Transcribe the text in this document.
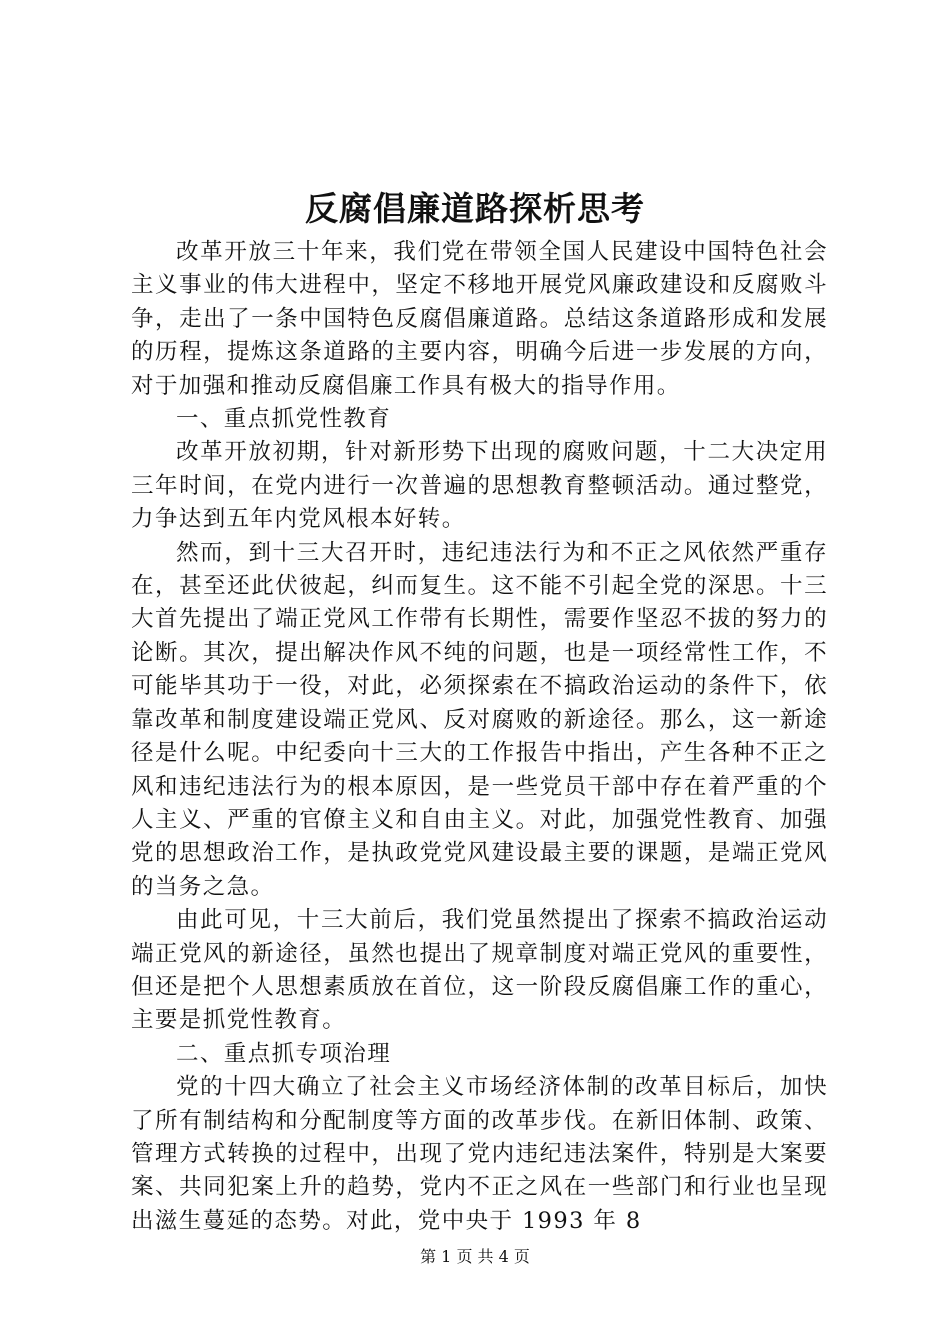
反腐倡廉道路探析思考

改革开放三十年来，我们党在带领全国人民建设中国特色社会主义事业的伟大进程中，坚定不移地开展党风廉政建设和反腐败斗争，走出了一条中国特色反腐倡廉道路。总结这条道路形成和发展的历程，提炼这条道路的主要内容，明确今后进一步发展的方向，对于加强和推动反腐倡廉工作具有极大的指导作用。

一、重点抓党性教育

改革开放初期，针对新形势下出现的腐败问题，十二大决定用三年时间，在党内进行一次普遍的思想教育整顿活动。通过整党，力争达到五年内党风根本好转。

然而，到十三大召开时，违纪违法行为和不正之风依然严重存在，甚至还此伏彼起，纠而复生。这不能不引起全党的深思。十三大首先提出了端正党风工作带有长期性，需要作坚忍不拔的努力的论断。其次，提出解决作风不纯的问题，也是一项经常性工作，不可能毕其功于一役，对此，必须探索在不搞政治运动的条件下，依靠改革和制度建设端正党风、反对腐败的新途径。那么，这一新途径是什么呢。中纪委向十三大的工作报告中指出，产生各种不正之风和违纪违法行为的根本原因，是一些党员干部中存在着严重的个人主义、严重的官僚主义和自由主义。对此，加强党性教育、加强党的思想政治工作，是执政党党风建设最主要的课题，是端正党风的当务之急。

由此可见，十三大前后，我们党虽然提出了探索不搞政治运动端正党风的新途径，虽然也提出了规章制度对端正党风的重要性，但还是把个人思想素质放在首位，这一阶段反腐倡廉工作的重心，主要是抓党性教育。

二、重点抓专项治理

党的十四大确立了社会主义市场经济体制的改革目标后，加快了所有制结构和分配制度等方面的改革步伐。在新旧体制、政策、管理方式转换的过程中，出现了党内违纪违法案件，特别是大案要案、共同犯案上升的趋势，党内不正之风在一些部门和行业也呈现出滋生蔓延的态势。对此，党中央于 1993 年 8

第 1 页 共 4 页
